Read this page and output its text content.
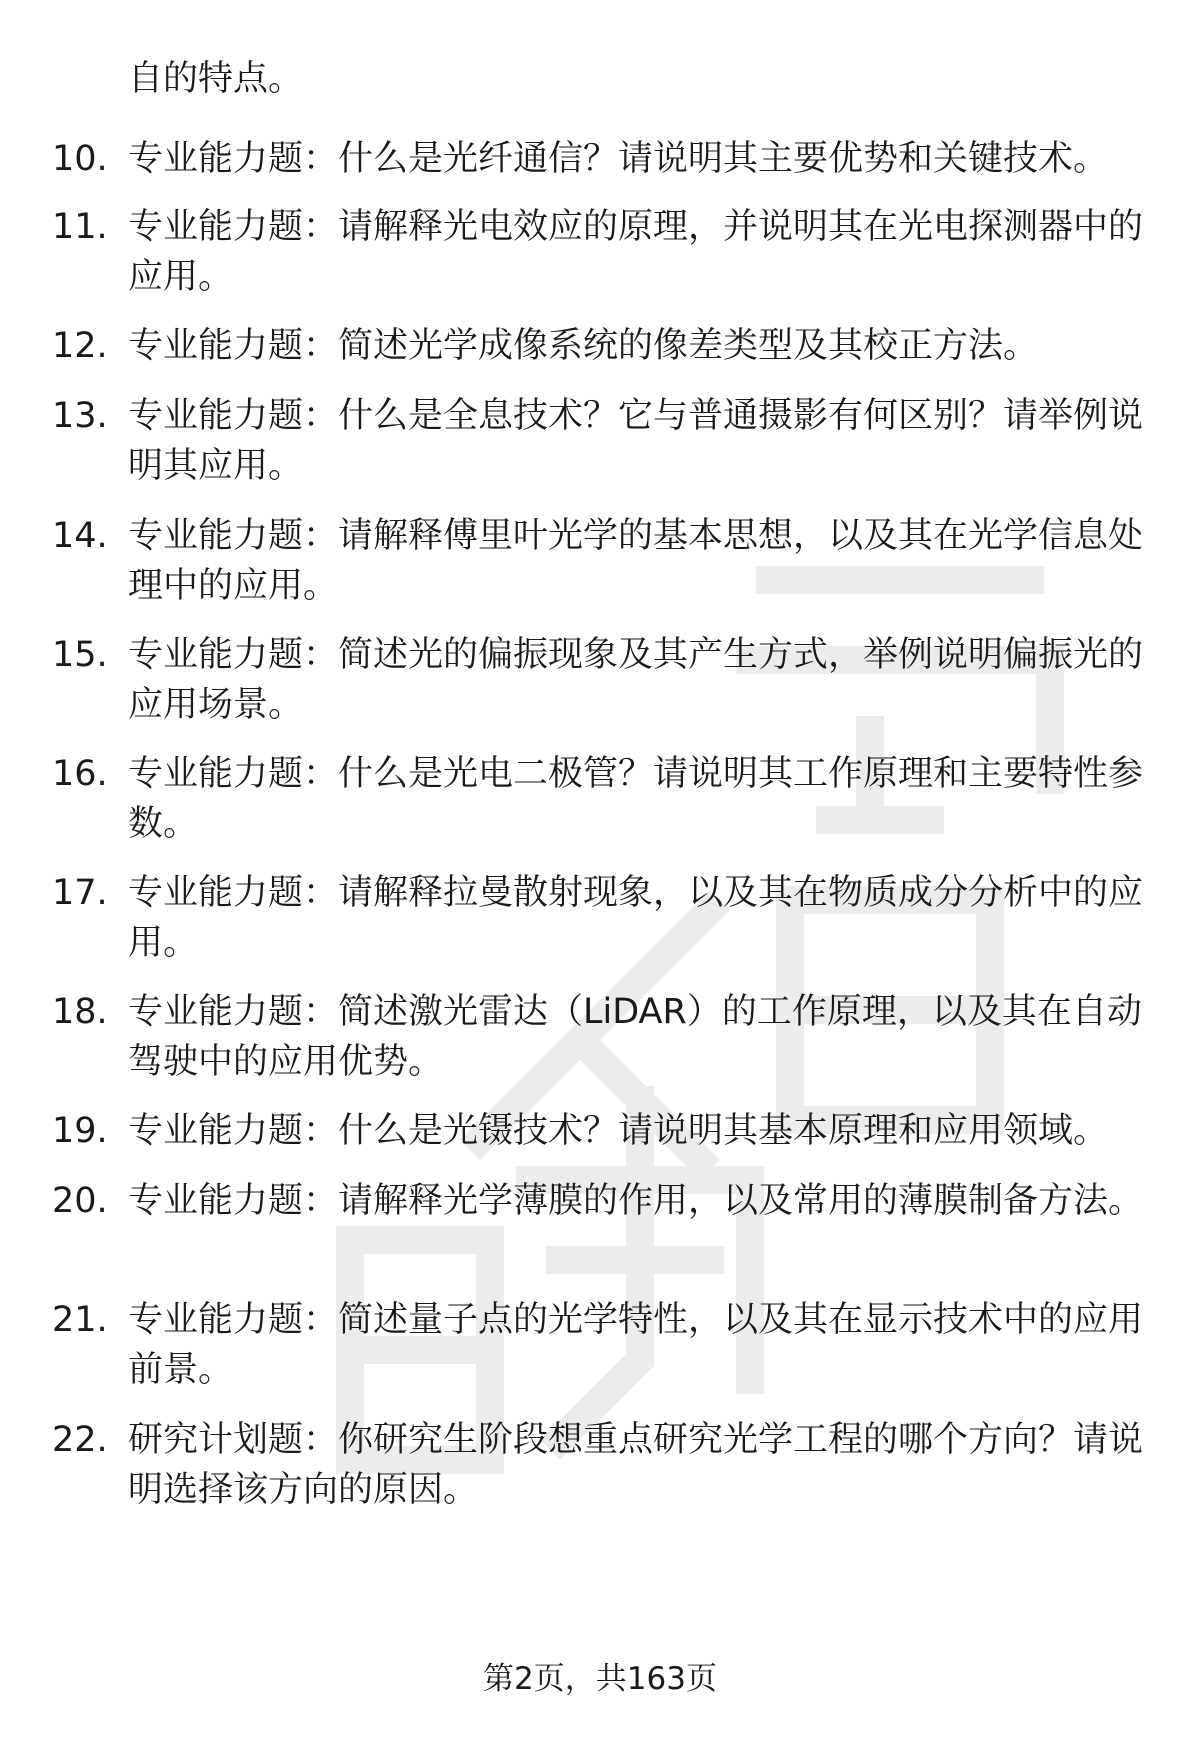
自的特点。
10. 专业能力题：什么是光纤通信？请说明其主要优势和关键技术。
11. 专业能力题：请解释光电效应的原理，并说明其在光电探测器中的应用。
12. 专业能力题：简述光学成像系统的像差类型及其校正方法。
13. 专业能力题：什么是全息技术？它与普通摄影有何区别？请举例说明其应用。
14. 专业能力题：请解释傅里叶光学的基本思想，以及其在光学信息处理中的应用。
15. 专业能力题：简述光的偏振现象及其产生方式，举例说明偏振光的应用场景。
16. 专业能力题：什么是光电二极管？请说明其工作原理和主要特性参数。
17. 专业能力题：请解释拉曼散射现象，以及其在物质成分分析中的应用。
18. 专业能力题：简述激光雷达（LiDAR）的工作原理，以及其在自动驾驶中的应用优势。
19. 专业能力题：什么是光镊技术？请说明其基本原理和应用领域。
20. 专业能力题：请解释光学薄膜的作用，以及常用的薄膜制备方法。
21. 专业能力题：简述量子点的光学特性，以及其在显示技术中的应用前景。
22. 研究计划题：你研究生阶段想重点研究光学工程的哪个方向？请说明选择该方向的原因。
第2页，共163页
